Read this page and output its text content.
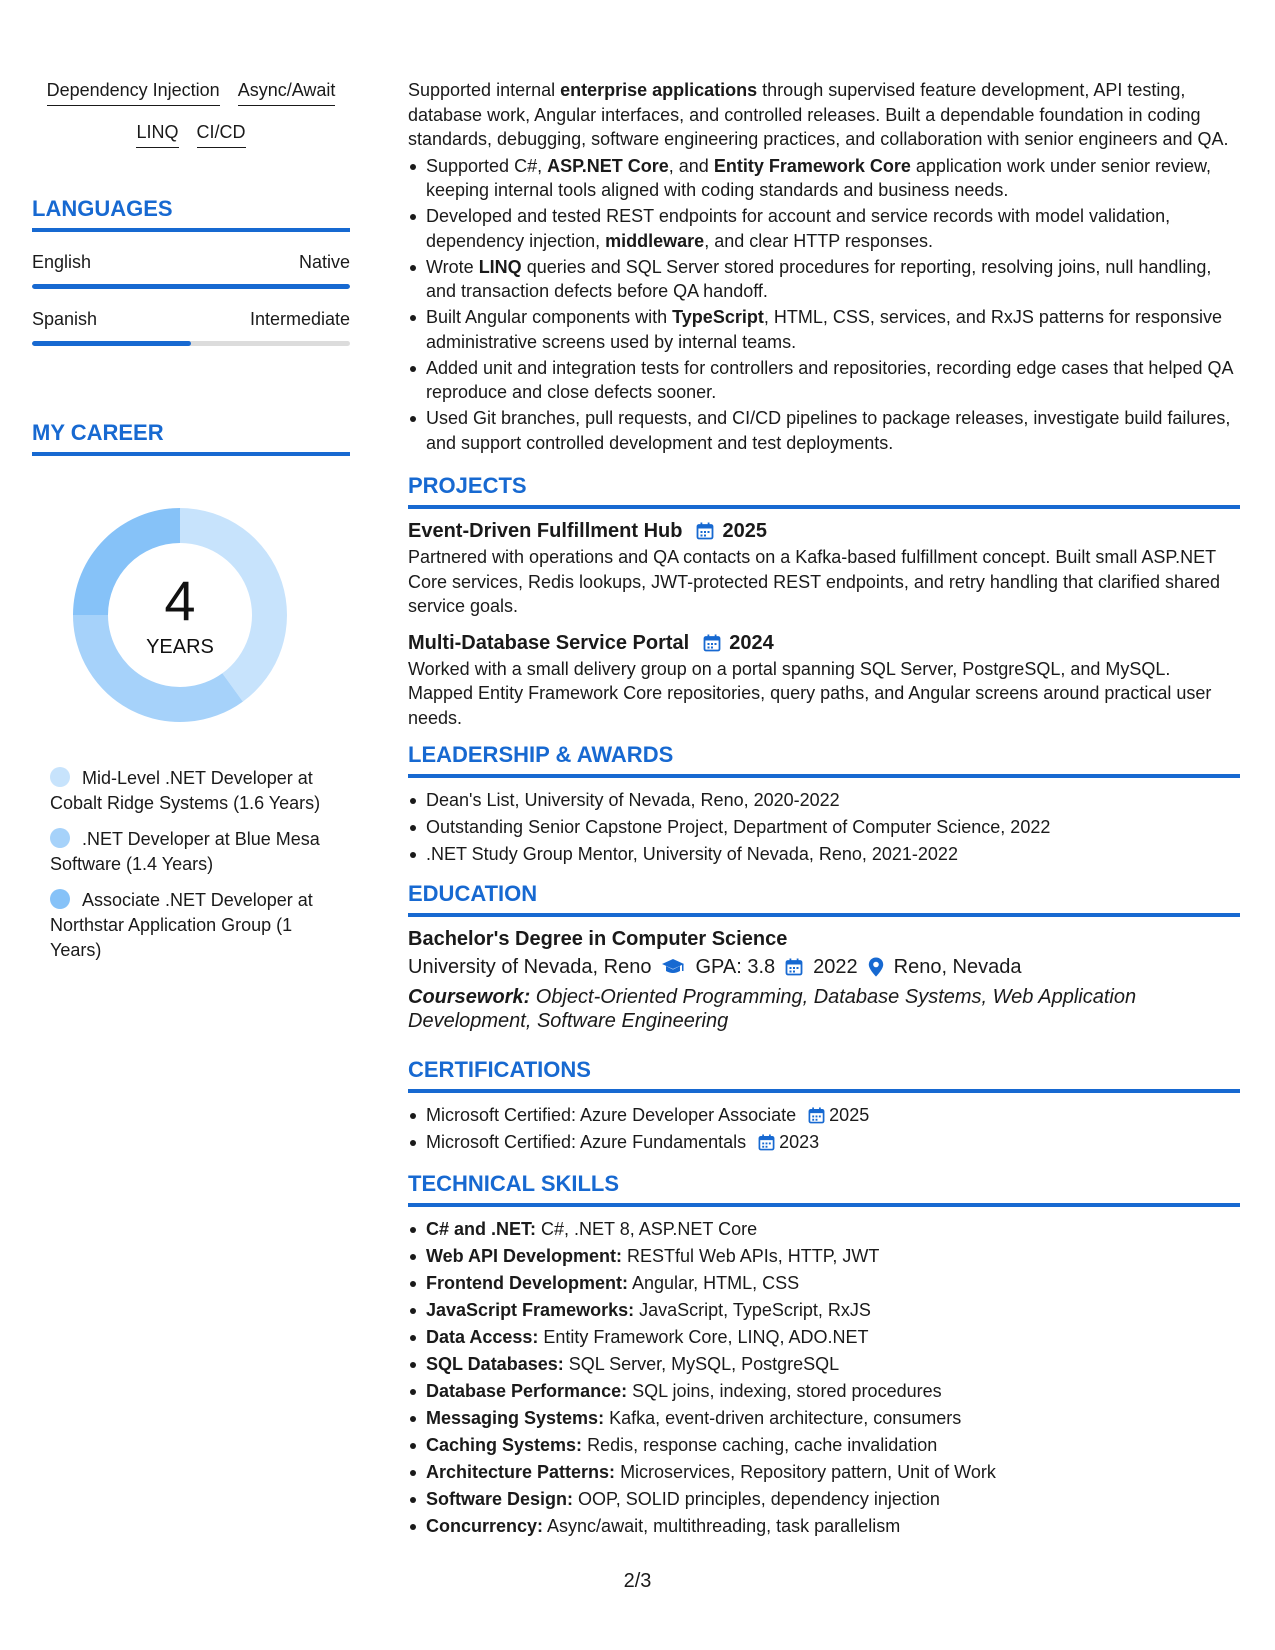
Dependency Injection Async/Await
LINQ CI/CD
LANGUAGES
English	Native
Spanish	Intermediate
MY CAREER
4
YEARS
Mid-Level .NET Developer at Cobalt Ridge Systems (1.6 Years)
.NET Developer at Blue Mesa Software (1.4 Years)
Associate .NET Developer at Northstar Application Group (1 Years)
Supported internal enterprise applications through supervised feature development, API testing, database work, Angular interfaces, and controlled releases. Built a dependable foundation in coding standards, debugging, software engineering practices, and collaboration with senior engineers and QA.
Supported C#, ASP.NET Core, and Entity Framework Core application work under senior review, keeping internal tools aligned with coding standards and business needs.
Developed and tested REST endpoints for account and service records with model validation, dependency injection, middleware, and clear HTTP responses.
Wrote LINQ queries and SQL Server stored procedures for reporting, resolving joins, null handling, and transaction defects before QA handoff.
Built Angular components with TypeScript, HTML, CSS, services, and RxJS patterns for responsive administrative screens used by internal teams.
Added unit and integration tests for controllers and repositories, recording edge cases that helped QA reproduce and close defects sooner.
Used Git branches, pull requests, and CI/CD pipelines to package releases, investigate build failures, and support controlled development and test deployments.
PROJECTS
Event-Driven Fulfillment Hub 2025
Partnered with operations and QA contacts on a Kafka-based fulfillment concept. Built small ASP.NET Core services, Redis lookups, JWT-protected REST endpoints, and retry handling that clarified shared service goals.
Multi-Database Service Portal 2024
Worked with a small delivery group on a portal spanning SQL Server, PostgreSQL, and MySQL. Mapped Entity Framework Core repositories, query paths, and Angular screens around practical user needs.
LEADERSHIP & AWARDS
Dean's List, University of Nevada, Reno, 2020-2022
Outstanding Senior Capstone Project, Department of Computer Science, 2022
.NET Study Group Mentor, University of Nevada, Reno, 2021-2022
EDUCATION
Bachelor's Degree in Computer Science
University of Nevada, Reno GPA: 3.8 2022 Reno, Nevada
Coursework: Object-Oriented Programming, Database Systems, Web Application Development, Software Engineering
CERTIFICATIONS
Microsoft Certified: Azure Developer Associate 2025
Microsoft Certified: Azure Fundamentals 2023
TECHNICAL SKILLS
C# and .NET: C#, .NET 8, ASP.NET Core
Web API Development: RESTful Web APIs, HTTP, JWT
Frontend Development: Angular, HTML, CSS
JavaScript Frameworks: JavaScript, TypeScript, RxJS
Data Access: Entity Framework Core, LINQ, ADO.NET
SQL Databases: SQL Server, MySQL, PostgreSQL
Database Performance: SQL joins, indexing, stored procedures
Messaging Systems: Kafka, event-driven architecture, consumers
Caching Systems: Redis, response caching, cache invalidation
Architecture Patterns: Microservices, Repository pattern, Unit of Work
Software Design: OOP, SOLID principles, dependency injection
Concurrency: Async/await, multithreading, task parallelism
2/3
